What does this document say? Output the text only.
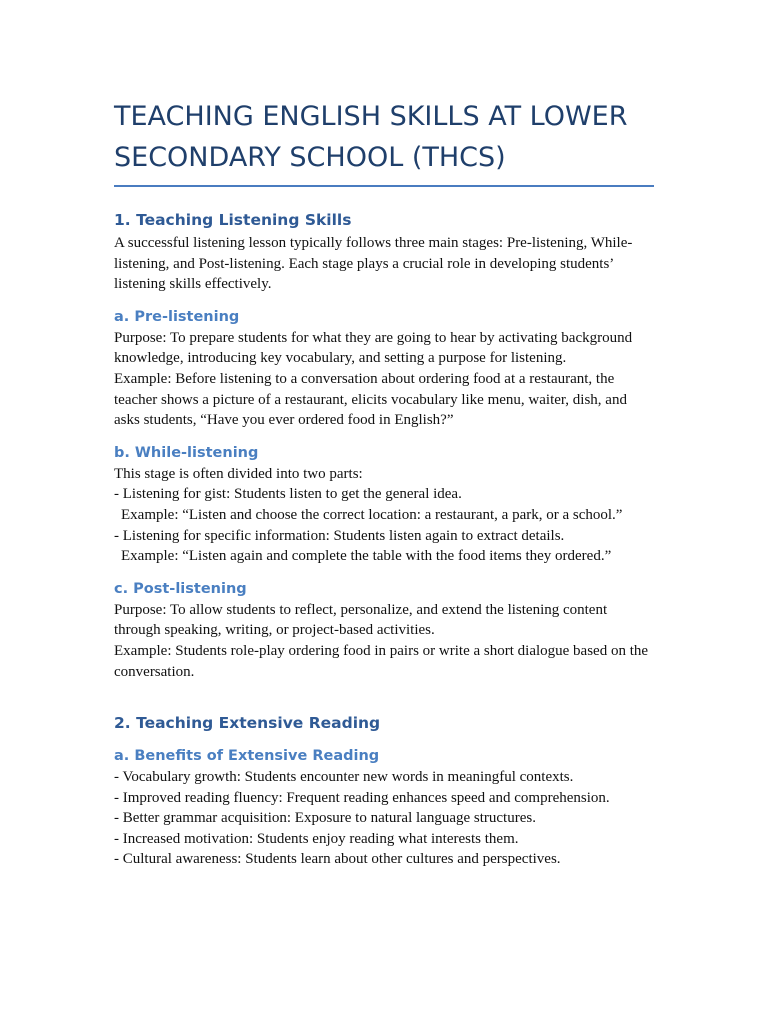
TEACHING ENGLISH SKILLS AT LOWER
SECONDARY SCHOOL (THCS)
1. Teaching Listening Skills

A successful listening lesson typically follows three main stages: Pre-listening, While-
listening, and Post-listening. Each stage plays a crucial role in developing students’
listening skills effectively.

a. Pre-listening

Purpose: To prepare students for what they are going to hear by activating background
knowledge, introducing key vocabulary, and setting a purpose for listening.
Example: Before listening to a conversation about ordering food at a restaurant, the
teacher shows a picture of a restaurant, elicits vocabulary like menu, waiter, dish, and
asks students, “Have you ever ordered food in English?”

b. While-listening

This stage is often divided into two parts:
- Listening for gist: Students listen to get the general idea.
Example: “Listen and choose the correct location: a restaurant, a park, or a school.”
- Listening for specific information: Students listen again to extract details.
Example: “Listen again and complete the table with the food items they ordered.”

c. Post-listening

Purpose: To allow students to reflect, personalize, and extend the listening content
through speaking, writing, or project-based activities.
Example: Students role-play ordering food in pairs or write a short dialogue based on the
conversation.

2. Teaching Extensive Reading
a. Benefits of Extensive Reading

- Vocabulary growth: Students encounter new words in meaningful contexts.
- Improved reading fluency: Frequent reading enhances speed and comprehension.
- Better grammar acquisition: Exposure to natural language structures.
- Increased motivation: Students enjoy reading what interests them.
- Cultural awareness: Students learn about other cultures and perspectives.
